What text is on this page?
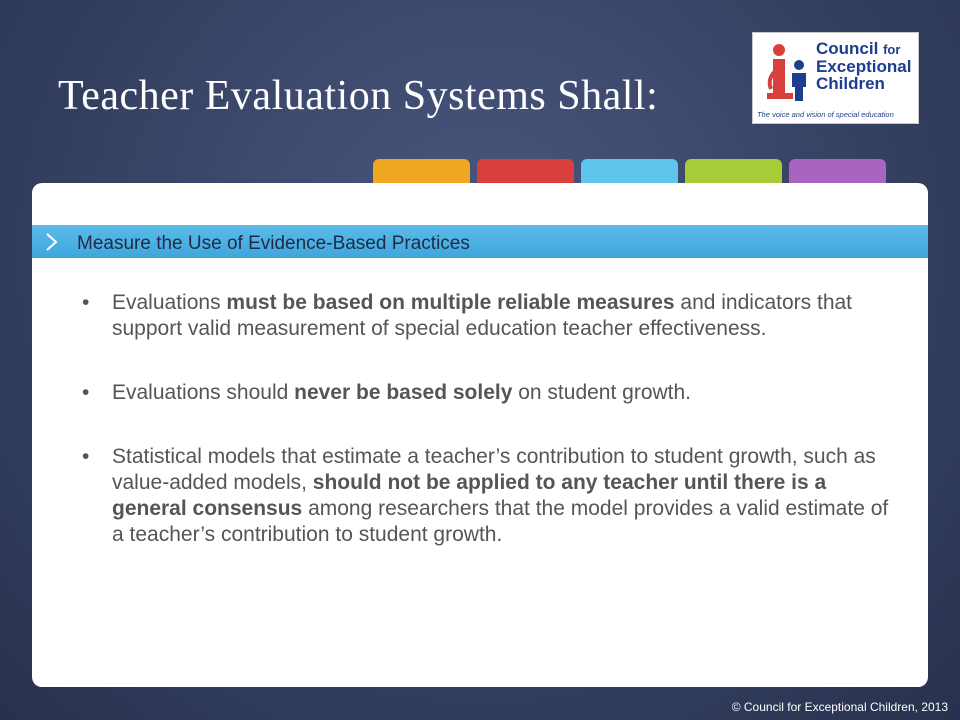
Teacher Evaluation Systems Shall:
Council for
Exceptional
Children
The voice and vision of special education
Measure the Use of Evidence-Based Practices
• Evaluations must be based on multiple reliable measures and indicators that support valid measurement of special education teacher effectiveness.
• Evaluations should never be based solely on student growth.
• Statistical models that estimate a teacher’s contribution to student growth, such as value-added models, should not be applied to any teacher until there is a general consensus among researchers that the model provides a valid estimate of a teacher’s contribution to student growth.
© Council for Exceptional Children, 2013
